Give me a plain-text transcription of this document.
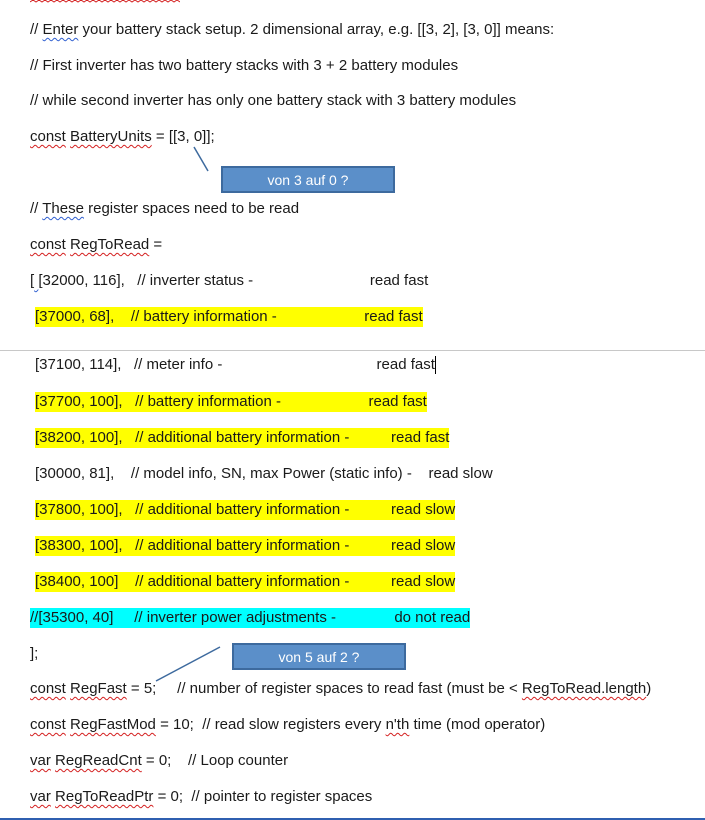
// Enter your battery stack setup. 2 dimensional array, e.g. [[3, 2], [3, 0]] means:
// First inverter has two battery stacks with 3 + 2 battery modules
// while second inverter has only one battery stack with 3 battery modules
const BatteryUnits = [[3, 0]];
von 3 auf 0 ?
// These register spaces need to be read
const RegToRead =
[ [32000, 116],   // inverter status -                            read fast
[37000, 68],    // battery information -                     read fast
[37100, 114],   // meter info -                                     read fast
[37700, 100],   // battery information -                     read fast
[38200, 100],   // additional battery information -          read fast
[30000, 81],    // model info, SN, max Power (static info) -    read slow
[37800, 100],   // additional battery information -          read slow
[38300, 100],   // additional battery information -          read slow
[38400, 100]    // additional battery information -          read slow
//[35300, 40]     // inverter power adjustments -              do not read
];	von 5 auf 2 ?
const RegFast = 5;     // number of register spaces to read fast (must be < RegToRead.length)
const RegFastMod = 10;  // read slow registers every n'th time (mod operator)
var RegReadCnt = 0;    // Loop counter
var RegToReadPtr = 0;  // pointer to register spaces
